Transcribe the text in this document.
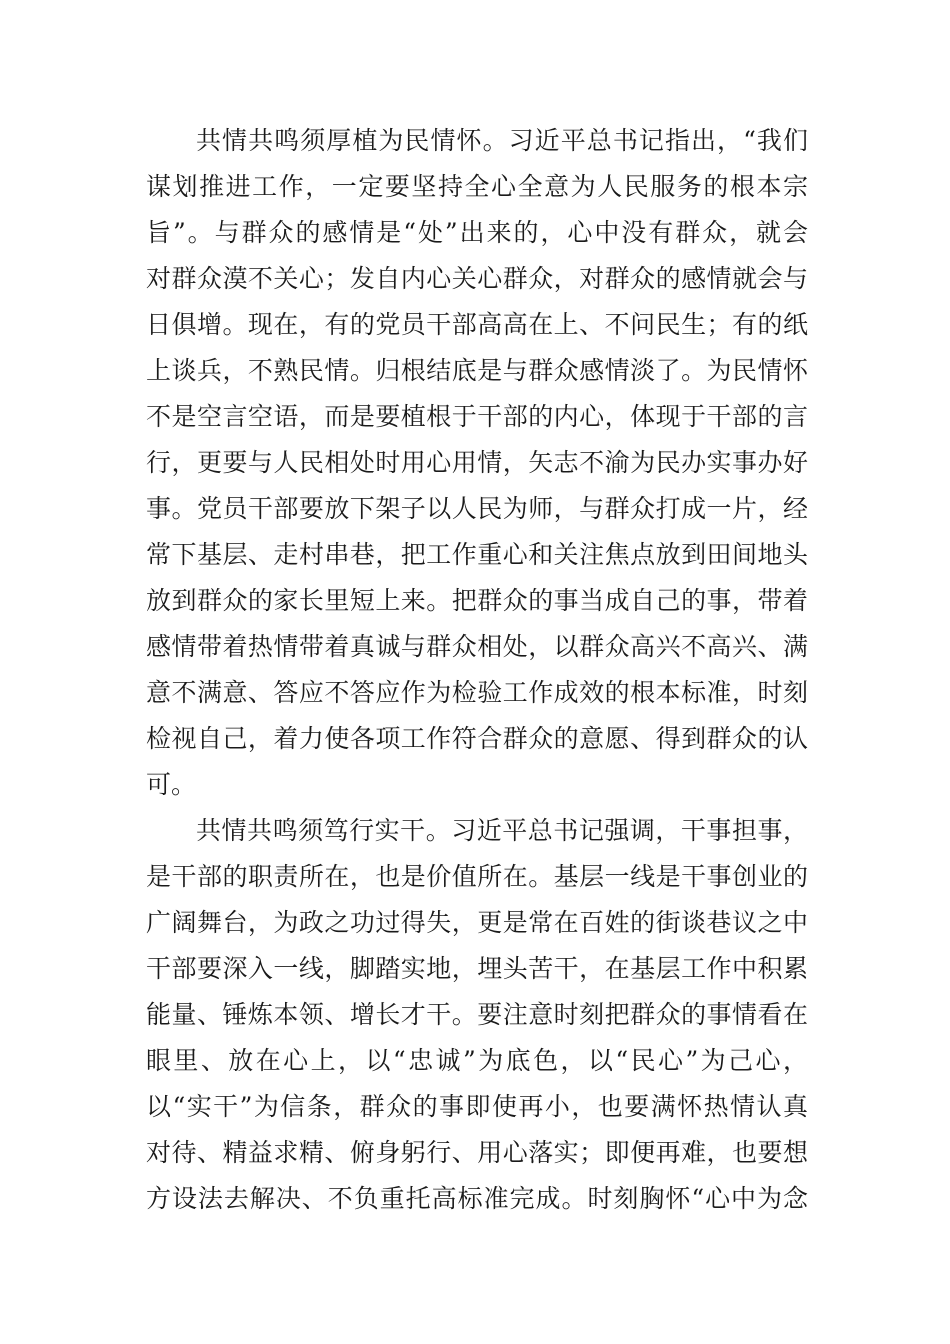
共情共鸣须厚植为民情怀。习近平总书记指出，“我们
谋划推进工作，一定要坚持全心全意为人民服务的根本宗
旨”。与群众的感情是“处”出来的，心中没有群众，就会
对群众漠不关心；发自内心关心群众，对群众的感情就会与
日俱增。现在，有的党员干部高高在上、不问民生；有的纸
上谈兵，不熟民情。归根结底是与群众感情淡了。为民情怀
不是空言空语，而是要植根于干部的内心，体现于干部的言
行，更要与人民相处时用心用情，矢志不渝为民办实事办好
事。党员干部要放下架子以人民为师，与群众打成一片，经
常下基层、走村串巷，把工作重心和关注焦点放到田间地头
放到群众的家长里短上来。把群众的事当成自己的事，带着
感情带着热情带着真诚与群众相处，以群众高兴不高兴、满
意不满意、答应不答应作为检验工作成效的根本标准，时刻
检视自己，着力使各项工作符合群众的意愿、得到群众的认
可。
共情共鸣须笃行实干。习近平总书记强调，干事担事，
是干部的职责所在，也是价值所在。基层一线是干事创业的
广阔舞台，为政之功过得失，更是常在百姓的街谈巷议之中
干部要深入一线，脚踏实地，埋头苦干，在基层工作中积累
能量、锤炼本领、增长才干。要注意时刻把群众的事情看在
眼里、放在心上，以“忠诚”为底色，以“民心”为己心，
以“实干”为信条，群众的事即使再小，也要满怀热情认真
对待、精益求精、俯身躬行、用心落实；即便再难，也要想
方设法去解决、不负重托高标准完成。时刻胸怀“心中为念
